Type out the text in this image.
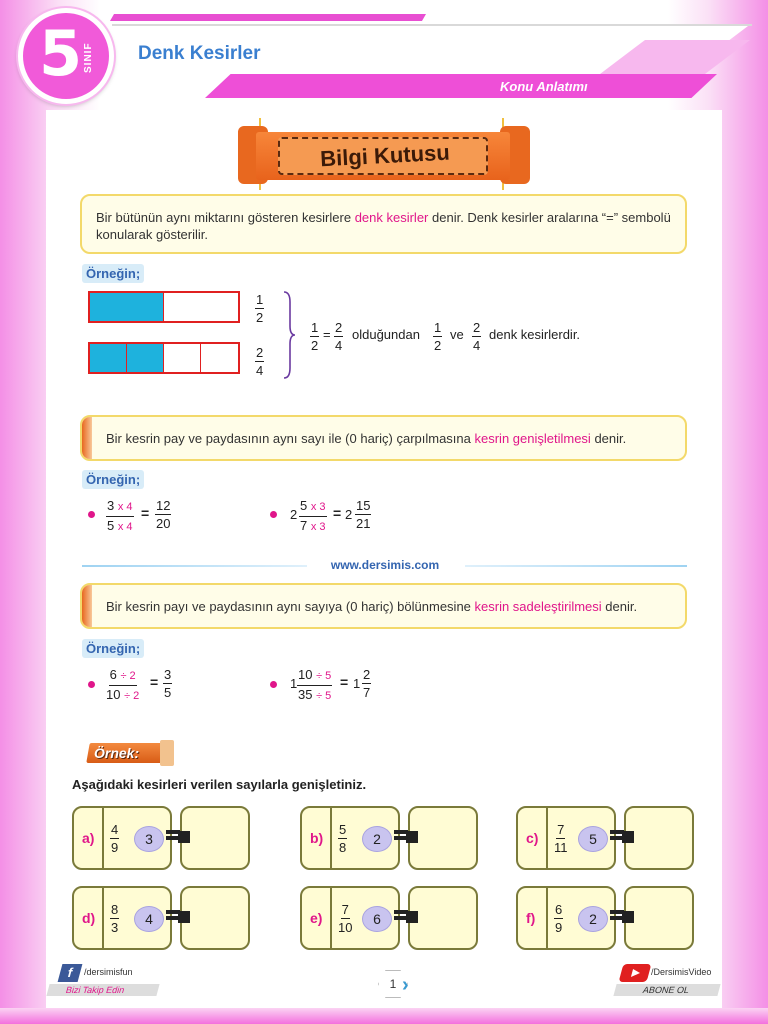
5 SINIF Denk Kesirler
Konu Anlatımı
Bilgi Kutusu
Bir bütünün aynı miktarını gösteren kesirlere denk kesirler denir. Denk kesirler aralarına “=” sembolü konularak gösterilir.
Örneğin;
$\frac{1}{2}$
$\frac{2}{4}$
$\frac{1}{2} = \frac{2}{4}$ olduğundan $\frac{1}{2}$ ve $\frac{2}{4}$ denk kesirlerdir.
Bir kesrin pay ve paydasının aynı sayı ile (0 hariç) çarpılmasına kesrin genişletilmesi denir.
Örneğin;
$\frac{3 x 4}{5 x 4} = \frac{12}{20}$	$2 \frac{5 x 3}{7 x 3} = 2 \frac{15}{21}$
www.dersimis.com
Bir kesrin payı ve paydasının aynı sayıya (0 hariç) bölünmesine kesrin sadeleştirilmesi denir.
Örneğin;
$\frac{6 \div 2}{10 \div 2} = \frac{3}{5}$	$1 \frac{10 \div 5}{35 \div 5} = 1 \frac{2}{7}$
Örnek:
Aşağıdaki kesirleri verilen sayılarla genişletiniz.
$a) \frac{4}{9}$	3	$b) \frac{5}{8}$	2	$c) \frac{7}{11}$	5
$d) \frac{8}{3}$	4	$e) \frac{7}{10}$	6	$f) \frac{6}{9}$	2
f	/dersimisfun
Bizi Takip Edin	1 ›
/DersimisVideo
ABONE OL
